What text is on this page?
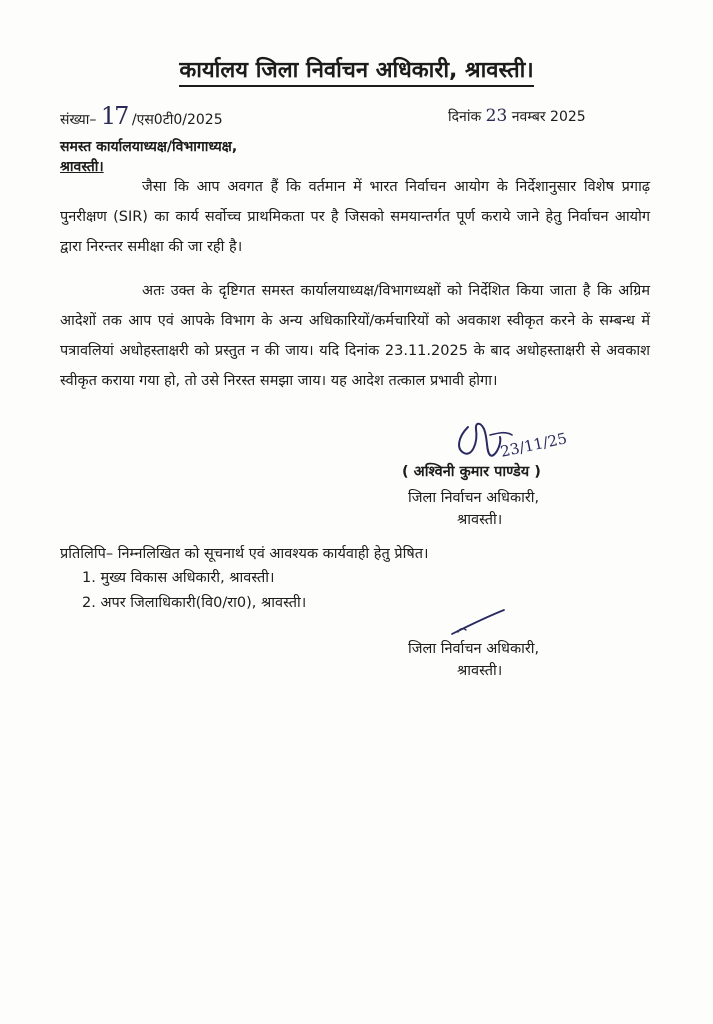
कार्यालय जिला निर्वाचन अधिकारी, श्रावस्ती।
संख्या– 17 /एस0टी0/2025	दिनांक 23 नवम्बर 2025
समस्त कार्यालयाध्यक्ष/विभागाध्यक्ष,
श्रावस्ती।
जैसा कि आप अवगत हैं कि वर्तमान में भारत निर्वाचन आयोग के निर्देशानुसार विशेष प्रगाढ़ पुनरीक्षण (SIR) का कार्य सर्वोच्च प्राथमिकता पर है जिसको समयान्तर्गत पूर्ण कराये जाने हेतु निर्वाचन आयोग द्वारा निरन्तर समीक्षा की जा रही है।
अतः उक्त के दृष्टिगत समस्त कार्यालयाध्यक्ष/विभागध्यक्षों को निर्देशित किया जाता है कि अग्रिम आदेशों तक आप एवं आपके विभाग के अन्य अधिकारियों/कर्मचारियों को अवकाश स्वीकृत करने के सम्बन्ध में पत्रावलियां अधोहस्ताक्षरी को प्रस्तुत न की जाय। यदि दिनांक 23.11.2025 के बाद अधोहस्ताक्षरी से अवकाश स्वीकृत कराया गया हो, तो उसे निरस्त समझा जाय। यह आदेश तत्काल प्रभावी होगा।
23/11/25
( अश्विनी कुमार पाण्डेय )
जिला निर्वाचन अधिकारी,
श्रावस्ती।
प्रतिलिपि– निम्नलिखित को सूचनार्थ एवं आवश्यक कार्यवाही हेतु प्रेषित।
1. मुख्य विकास अधिकारी, श्रावस्ती।
2. अपर जिलाधिकारी(वि0/रा0), श्रावस्ती।
जिला निर्वाचन अधिकारी,
श्रावस्ती।
